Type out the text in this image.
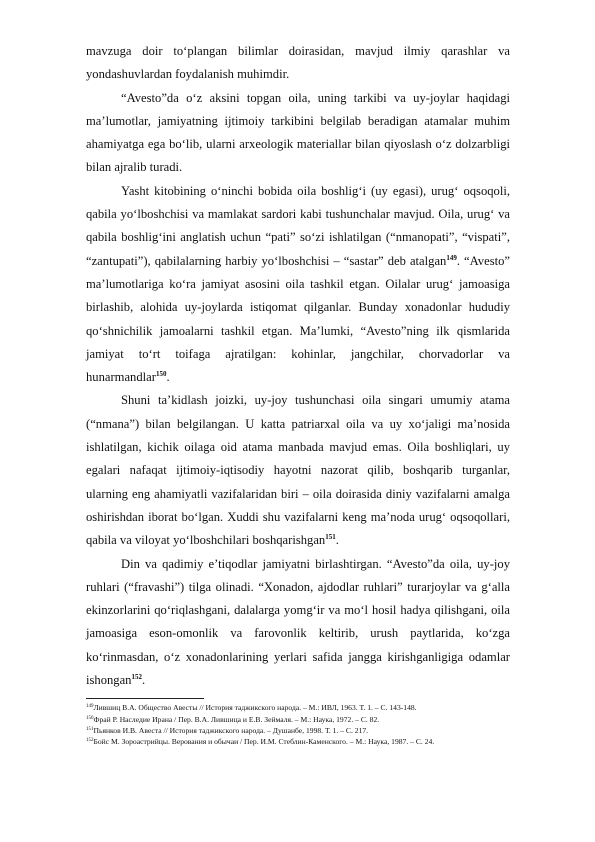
mavzuga doir to‘plangan bilimlar doirasidan, mavjud ilmiy qarashlar va yondashuvlardan foydalanish muhimdir.

“Avesto”da o‘z aksini topgan oila, uning tarkibi va uy-joylar haqidagi ma’lumotlar, jamiyatning ijtimoiy tarkibini belgilab beradigan atamalar muhim ahamiyatga ega bo‘lib, ularni arxeologik materiallar bilan qiyoslash o‘z dolzarbligi bilan ajralib turadi.

Yasht kitobining o‘ninchi bobida oila boshlig‘i (uy egasi), urug‘ oqsoqoli, qabila yo‘lboshchisi va mamlakat sardori kabi tushunchalar mavjud. Oila, urug‘ va qabila boshlig‘ini anglatish uchun “pati” so‘zi ishlatilgan (“nmanopati”, “vispati”, “zantupati”), qabilalarning harbiy yo‘lboshchisi – “sastar” deb atalgan$^{149}$. “Avesto” ma’lumotlariga ko‘ra jamiyat asosini oila tashkil etgan. Oilalar urug‘ jamoasiga birlashib, alohida uy-joylarda istiqomat qilganlar. Bunday xonadonlar hududiy qo‘shnichilik jamoalarni tashkil etgan. Ma’lumki, “Avesto”ning ilk qismlarida jamiyat to‘rt toifaga ajratilgan: kohinlar, jangchilar, chorvadorlar va hunarmandlar$^{150}$.

Shuni ta’kidlash joizki, uy-joy tushunchasi oila singari umumiy atama (“nmana”) bilan belgilangan. U katta patriarxal oila va uy xo‘jaligi ma’nosida ishlatilgan, kichik oilaga oid atama manbada mavjud emas. Oila boshliqlari, uy egalari nafaqat ijtimoiy-iqtisodiy hayotni nazorat qilib, boshqarib turganlar, ularning eng ahamiyatli vazifalaridan biri – oila doirasida diniy vazifalarni amalga oshirishdan iborat bo‘lgan. Xuddi shu vazifalarni keng ma’noda urug‘ oqsoqollari, qabila va viloyat yo‘lboshchilari boshqarishgan$^{151}$.

Din va qadimiy e’tiqodlar jamiyatni birlashtirgan. “Avesto”da oila, uy-joy ruhlari (“fravashi”) tilga olinadi. “Xonadon, ajdodlar ruhlari” turarjoylar va g‘alla ekinzorlarini qo‘riqlashgani, dalalarga yomg‘ir va mo‘l hosil hadya qilishgani, oila jamoasiga eson-omonlik va farovonlik keltirib, urush paytlarida, ko‘zga ko‘rinmasdan, o‘z xonadonlarining yerlari safida jangga kirishganligiga odamlar ishongan$^{152}$.

$^{149}$Лившиц В.А. Общество Авесты // История таджикского народа. – М.: ИВЛ, 1963. Т. 1. – С. 143-148.

$^{150}$Фрай Р. Наследие Ирана / Пер. В.А. Лившица и Е.В. Зеймаля. – М.: Наука, 1972. – С. 82.

$^{151}$Пьянков И.В. Авеста // История таджикского народа. – Душанбе, 1998. Т. 1. – С. 217.

$^{152}$Бойс М. Зороастрийцы. Верования и обычаи / Пер. И.М. Стеблин-Каменского. – М.: Наука, 1987. – С. 24.
